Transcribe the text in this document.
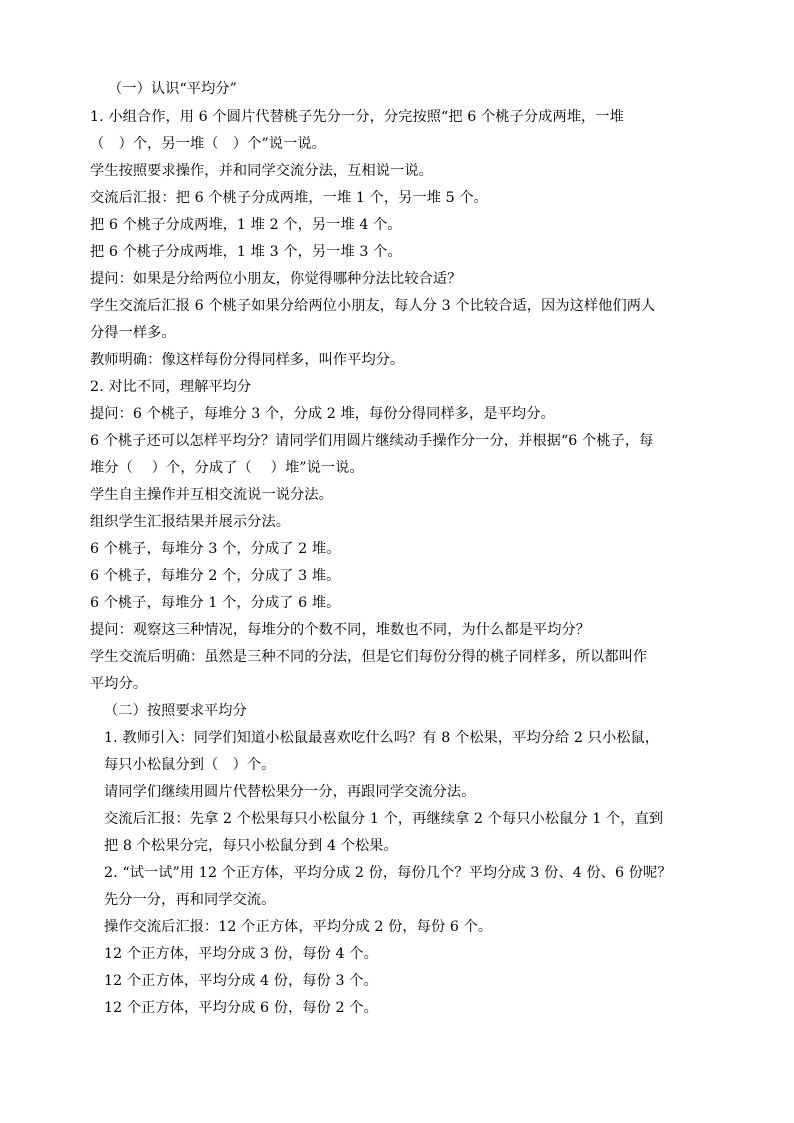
（一）认识“平均分”
1. 小组合作，用 6 个圆片代替桃子先分一分，分完按照“把 6 个桃子分成两堆，一堆
（　）个，另一堆（　）个”说一说。
学生按照要求操作，并和同学交流分法，互相说一说。
交流后汇报：把 6 个桃子分成两堆，一堆 1 个，另一堆 5 个。
把 6 个桃子分成两堆，1 堆 2 个，另一堆 4 个。
把 6 个桃子分成两堆，1 堆 3 个，另一堆 3 个。
提问：如果是分给两位小朋友，你觉得哪种分法比较合适？
学生交流后汇报 6 个桃子如果分给两位小朋友，每人分 3 个比较合适，因为这样他们两人
分得一样多。
教师明确：像这样每份分得同样多，叫作平均分。
2. 对比不同，理解平均分
提问：6 个桃子，每堆分 3 个，分成 2 堆，每份分得同样多，是平均分。
6 个桃子还可以怎样平均分？请同学们用圆片继续动手操作分一分，并根据“6 个桃子，每
堆分（　 ）个，分成了（　 ）堆”说一说。
学生自主操作并互相交流说一说分法。
组织学生汇报结果并展示分法。
6 个桃子，每堆分 3 个，分成了 2 堆。
6 个桃子，每堆分 2 个，分成了 3 堆。
6 个桃子，每堆分 1 个，分成了 6 堆。
提问：观察这三种情况，每堆分的个数不同，堆数也不同，为什么都是平均分？
学生交流后明确：虽然是三种不同的分法，但是它们每份分得的桃子同样多，所以都叫作
平均分。
（二）按照要求平均分
1. 教师引入：同学们知道小松鼠最喜欢吃什么吗？有 8 个松果，平均分给 2 只小松鼠，
每只小松鼠分到（　）个。
请同学们继续用圆片代替松果分一分，再跟同学交流分法。
交流后汇报：先拿 2 个松果每只小松鼠分 1 个，再继续拿 2 个每只小松鼠分 1 个，直到
把 8 个松果分完，每只小松鼠分到 4 个松果。
2. “试一试”用 12 个正方体，平均分成 2 份，每份几个？平均分成 3 份、4 份、6 份呢？
先分一分，再和同学交流。
操作交流后汇报：12 个正方体，平均分成 2 份，每份 6 个。
12 个正方体，平均分成 3 份，每份 4 个。
12 个正方体，平均分成 4 份，每份 3 个。
12 个正方体，平均分成 6 份，每份 2 个。
